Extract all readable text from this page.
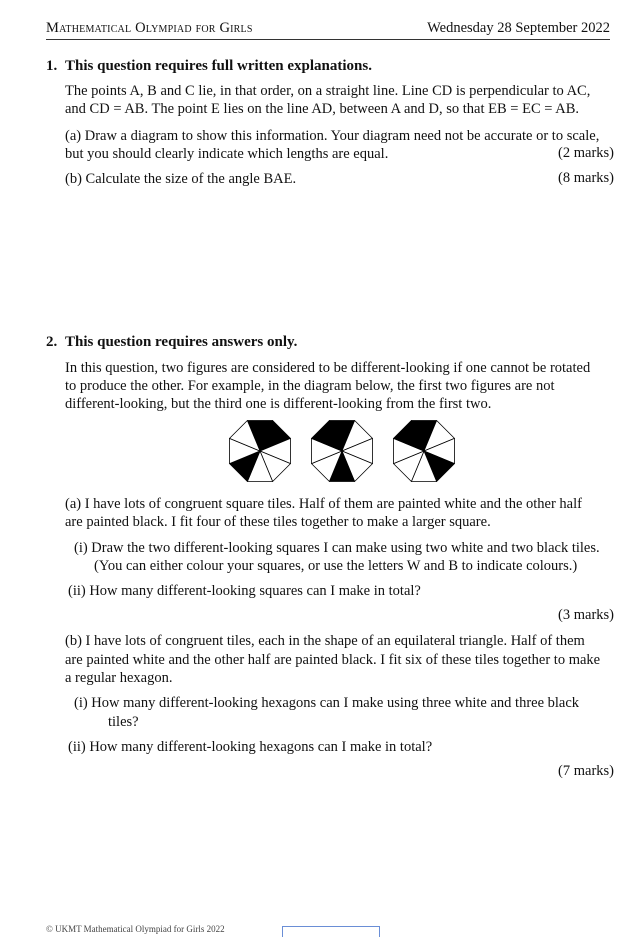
Mathematical Olympiad for Girls	Wednesday 28 September 2022
1. This question requires full written explanations.
The points A, B and C lie, in that order, on a straight line. Line CD is perpendicular to AC,
and CD = AB. The point E lies on the line AD, between A and D, so that EB = EC = AB.
(a) Draw a diagram to show this information. Your diagram need not be accurate or to scale,
but you should clearly indicate which lengths are equal.	(2 marks)
(b) Calculate the size of the angle BAE.	(8 marks)
2. This question requires answers only.
In this question, two figures are considered to be different-looking if one cannot be rotated
to produce the other. For example, in the diagram below, the first two figures are not
different-looking, but the third one is different-looking from the first two.
(a) I have lots of congruent square tiles. Half of them are painted white and the other half
are painted black. I fit four of these tiles together to make a larger square.
(i) Draw the two different-looking squares I can make using two white and two black tiles.
(You can either colour your squares, or use the letters W and B to indicate colours.)
(ii) How many different-looking squares can I make in total?
(3 marks)
(b) I have lots of congruent tiles, each in the shape of an equilateral triangle. Half of them
are painted white and the other half are painted black. I fit six of these tiles together to make
a regular hexagon.
(i) How many different-looking hexagons can I make using three white and three black
tiles?
(ii) How many different-looking hexagons can I make in total?
(7 marks)
© UKMT Mathematical Olympiad for Girls 2022
